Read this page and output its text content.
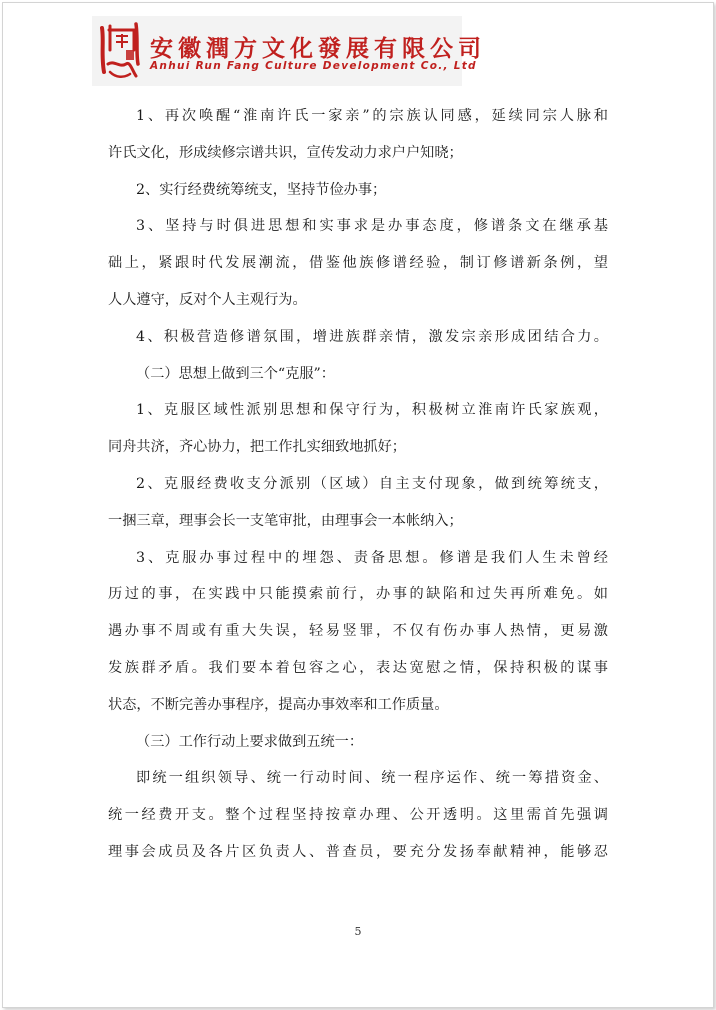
安徽潤方文化發展有限公司
Anhui Run Fang Culture Development Co., Ltd
1、再次唤醒“淮南许氏一家亲”的宗族认同感，延续同宗人脉和
许氏文化，形成续修宗谱共识，宣传发动力求户户知晓；
2、实行经费统筹统支，坚持节俭办事；
3、坚持与时俱进思想和实事求是办事态度，修谱条文在继承基
础上，紧跟时代发展潮流，借鉴他族修谱经验，制订修谱新条例，望
人人遵守，反对个人主观行为。
4、积极营造修谱氛围，增进族群亲情，激发宗亲形成团结合力。
（二）思想上做到三个“克服”：
1、克服区域性派别思想和保守行为，积极树立淮南许氏家族观，
同舟共济，齐心协力，把工作扎实细致地抓好；
2、克服经费收支分派别（区域）自主支付现象，做到统筹统支，
一捆三章，理事会长一支笔审批，由理事会一本帐纳入；
3、克服办事过程中的埋怨、责备思想。修谱是我们人生未曾经
历过的事，在实践中只能摸索前行，办事的缺陷和过失再所难免。如
遇办事不周或有重大失误，轻易竖罪，不仅有伤办事人热情，更易激
发族群矛盾。我们要本着包容之心，表达宽慰之情，保持积极的谋事
状态，不断完善办事程序，提高办事效率和工作质量。
（三）工作行动上要求做到五统一：
即统一组织领导、统一行动时间、统一程序运作、统一筹措资金、
统一经费开支。整个过程坚持按章办理、公开透明。这里需首先强调
理事会成员及各片区负责人、普查员，要充分发扬奉献精神，能够忍
5
